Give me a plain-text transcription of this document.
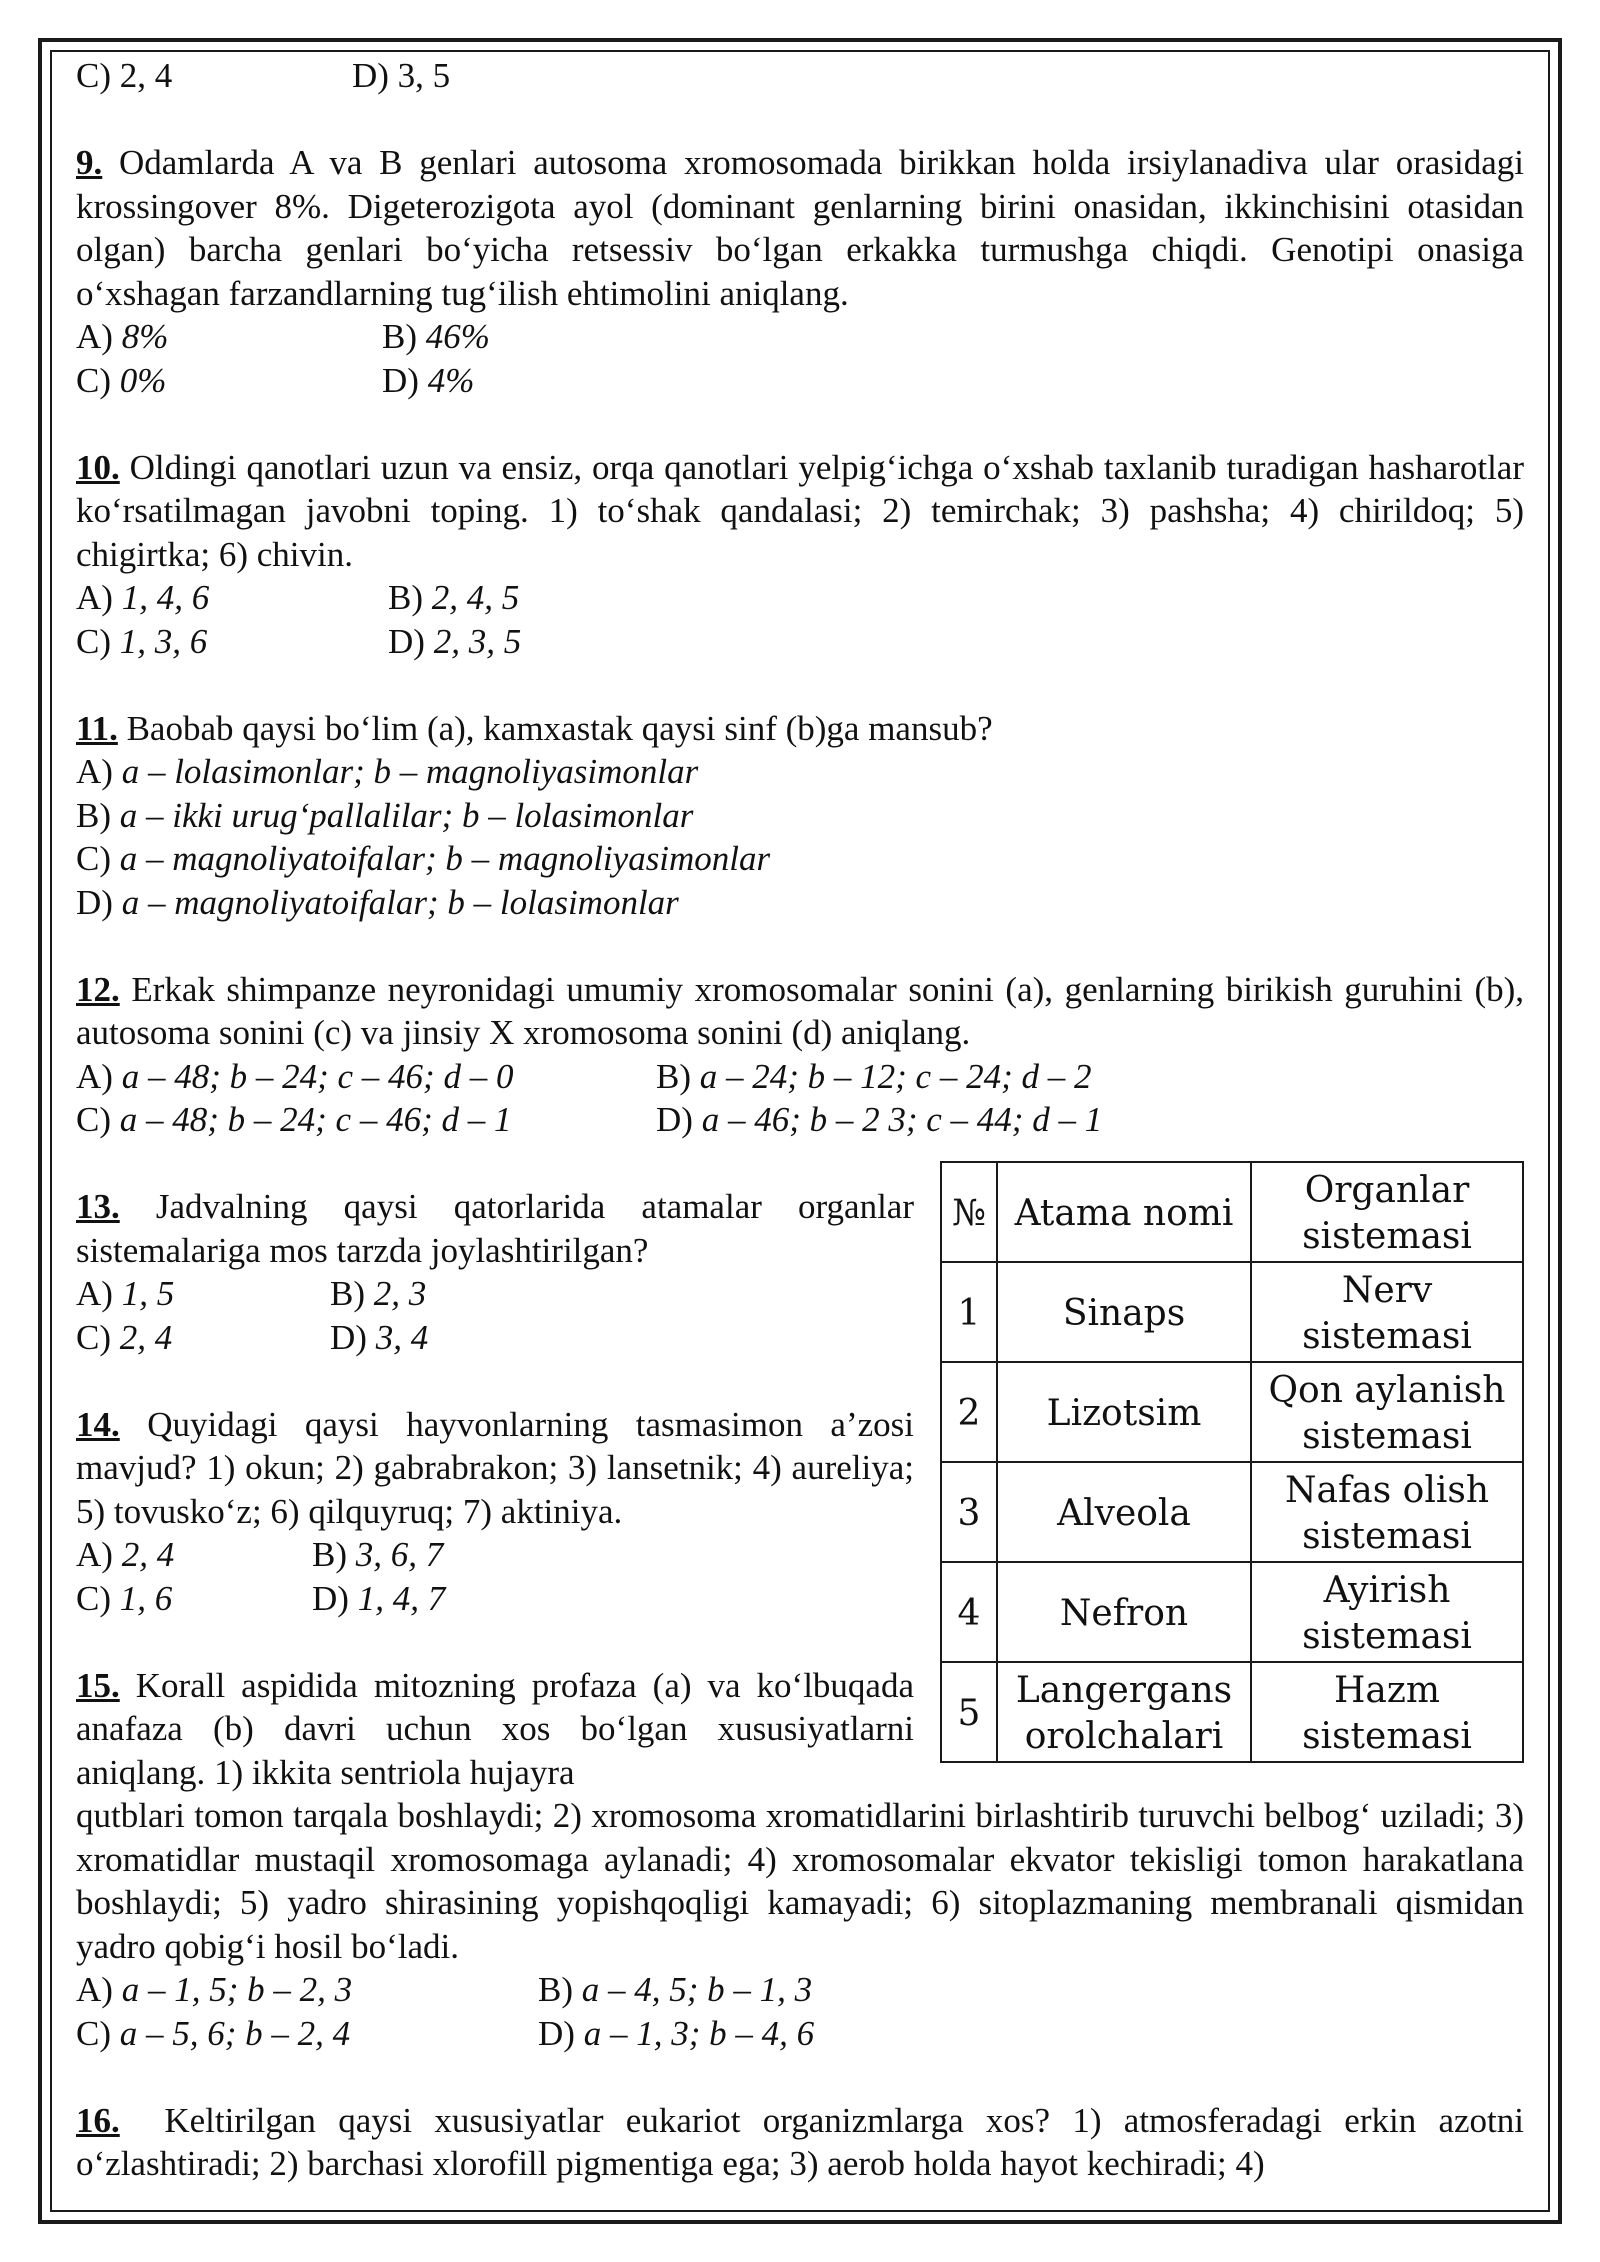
C) 2, 4	D) 3, 5

9. Odamlarda A va B genlari autosoma xromosomada birikkan holda irsiylanadiva ular orasidagi krossingover 8%. Digeterozigota ayol (dominant genlarning birini onasidan, ikkinchisini otasidan olgan) barcha genlari bo‘yicha retsessiv bo‘lgan erkakka turmushga chiqdi. Genotipi onasiga o‘xshagan farzandlarning tug‘ilish ehtimolini aniqlang.

A) 8%	B) 46%
C) 0%	D) 4%

10. Oldingi qanotlari uzun va ensiz, orqa qanotlari yelpig‘ichga o‘xshab taxlanib turadigan hasharotlar ko‘rsatilmagan javobni toping. 1) to‘shak qandalasi; 2) temirchak; 3) pashsha; 4) chirildoq; 5) chigirtka; 6) chivin.

A) 1, 4, 6	B) 2, 4, 5
C) 1, 3, 6	D) 2, 3, 5

11. Baobab qaysi bo‘lim (a), kamxastak qaysi sinf (b)ga mansub?

A) a – lolasimonlar; b – magnoliyasimonlar
B) a – ikki urug‘pallalilar; b – lolasimonlar
C) a – magnoliyatoifalar; b – magnoliyasimonlar
D) a – magnoliyatoifalar; b – lolasimonlar

12. Erkak shimpanze neyronidagi umumiy xromosomalar sonini (a), genlarning birikish guruhini (b), autosoma sonini (c) va jinsiy X xromosoma sonini (d) aniqlang.

A) a – 48; b – 24; c – 46; d – 0	B) a – 24; b – 12; c – 24; d – 2
C) a – 48; b – 24; c – 46; d – 1	D) a – 46; b – 2 3; c – 44; d – 1

13. Jadvalning qaysi qatorlarida atamalar organlar sistemalariga mos tarzda joylashtirilgan?

A) 1, 5	B) 2, 3
C) 2, 4	D) 3, 4

14. Quyidagi qaysi hayvonlarning tasmasimon a’zosi mavjud? 1) okun; 2) gabrabrakon; 3) lansetnik; 4) aureliya; 5) tovusko‘z; 6) qilquyruq; 7) aktiniya.

A) 2, 4	B) 3, 6, 7
C) 1, 6	D) 1, 4, 7

15. Korall aspidida mitozning profaza (a) va ko‘lbuqada anafaza (b) davri uchun xos bo‘lgan xususiyatlarni aniqlang. 1) ikkita sentriola hujayra

qutblari tomon tarqala boshlaydi; 2) xromosoma xromatidlarini birlashtirib turuvchi belbog‘ uziladi; 3) xromatidlar mustaqil xromosomaga aylanadi; 4) xromosomalar ekvator tekisligi tomon harakatlana boshlaydi; 5) yadro shirasining yopishqoqligi kamayadi; 6) sitoplazmaning membranali qismidan yadro qobig‘i hosil bo‘ladi.

A) a – 1, 5; b – 2, 3	B) a – 4, 5; b – 1, 3
C) a – 5, 6; b – 2, 4	D) a – 1, 3; b – 4, 6

16. Keltirilgan qaysi xususiyatlar eukariot organizmlarga xos? 1) atmosferadagi erkin azotni o‘zlashtiradi; 2) barchasi xlorofill pigmentiga ega; 3) aerob holda hayot kechiradi; 4)

№	Atama nomi	Organlar sistemasi
1	Sinaps	Nerv sistemasi
2	Lizotsim	Qon aylanish sistemasi
3	Alveola	Nafas olish sistemasi
4	Nefron	Ayirish sistemasi
5	Langergans orolchalari	Hazm sistemasi
